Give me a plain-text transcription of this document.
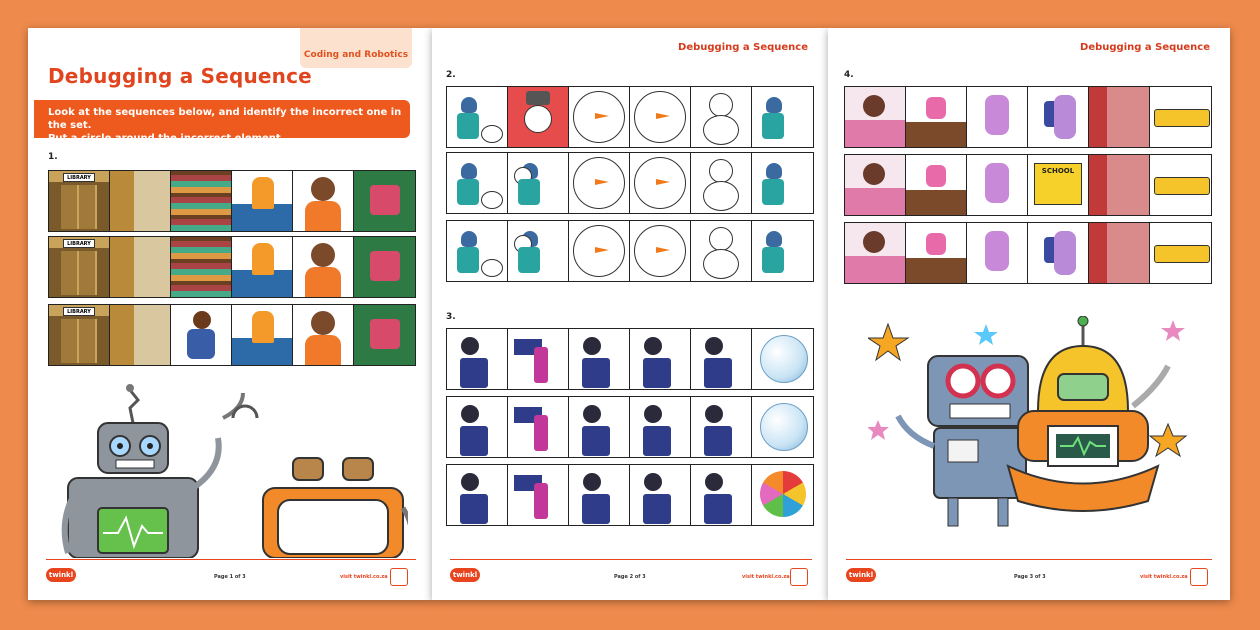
Coding and Robotics
Debugging a Sequence
Look at the sequences below, and identify the incorrect one in the set.
Put a circle around the incorrect element.
1.
LIBRARY
LIBRARY
LIBRARY
twinkl	Page 1 of 3	visit twinkl.co.za
Debugging a Sequence
2.
3.
twinkl	Page 2 of 3	visit twinkl.co.za
Debugging a Sequence
4.
SCHOOL
twinkl	Page 3 of 3	visit twinkl.co.za
